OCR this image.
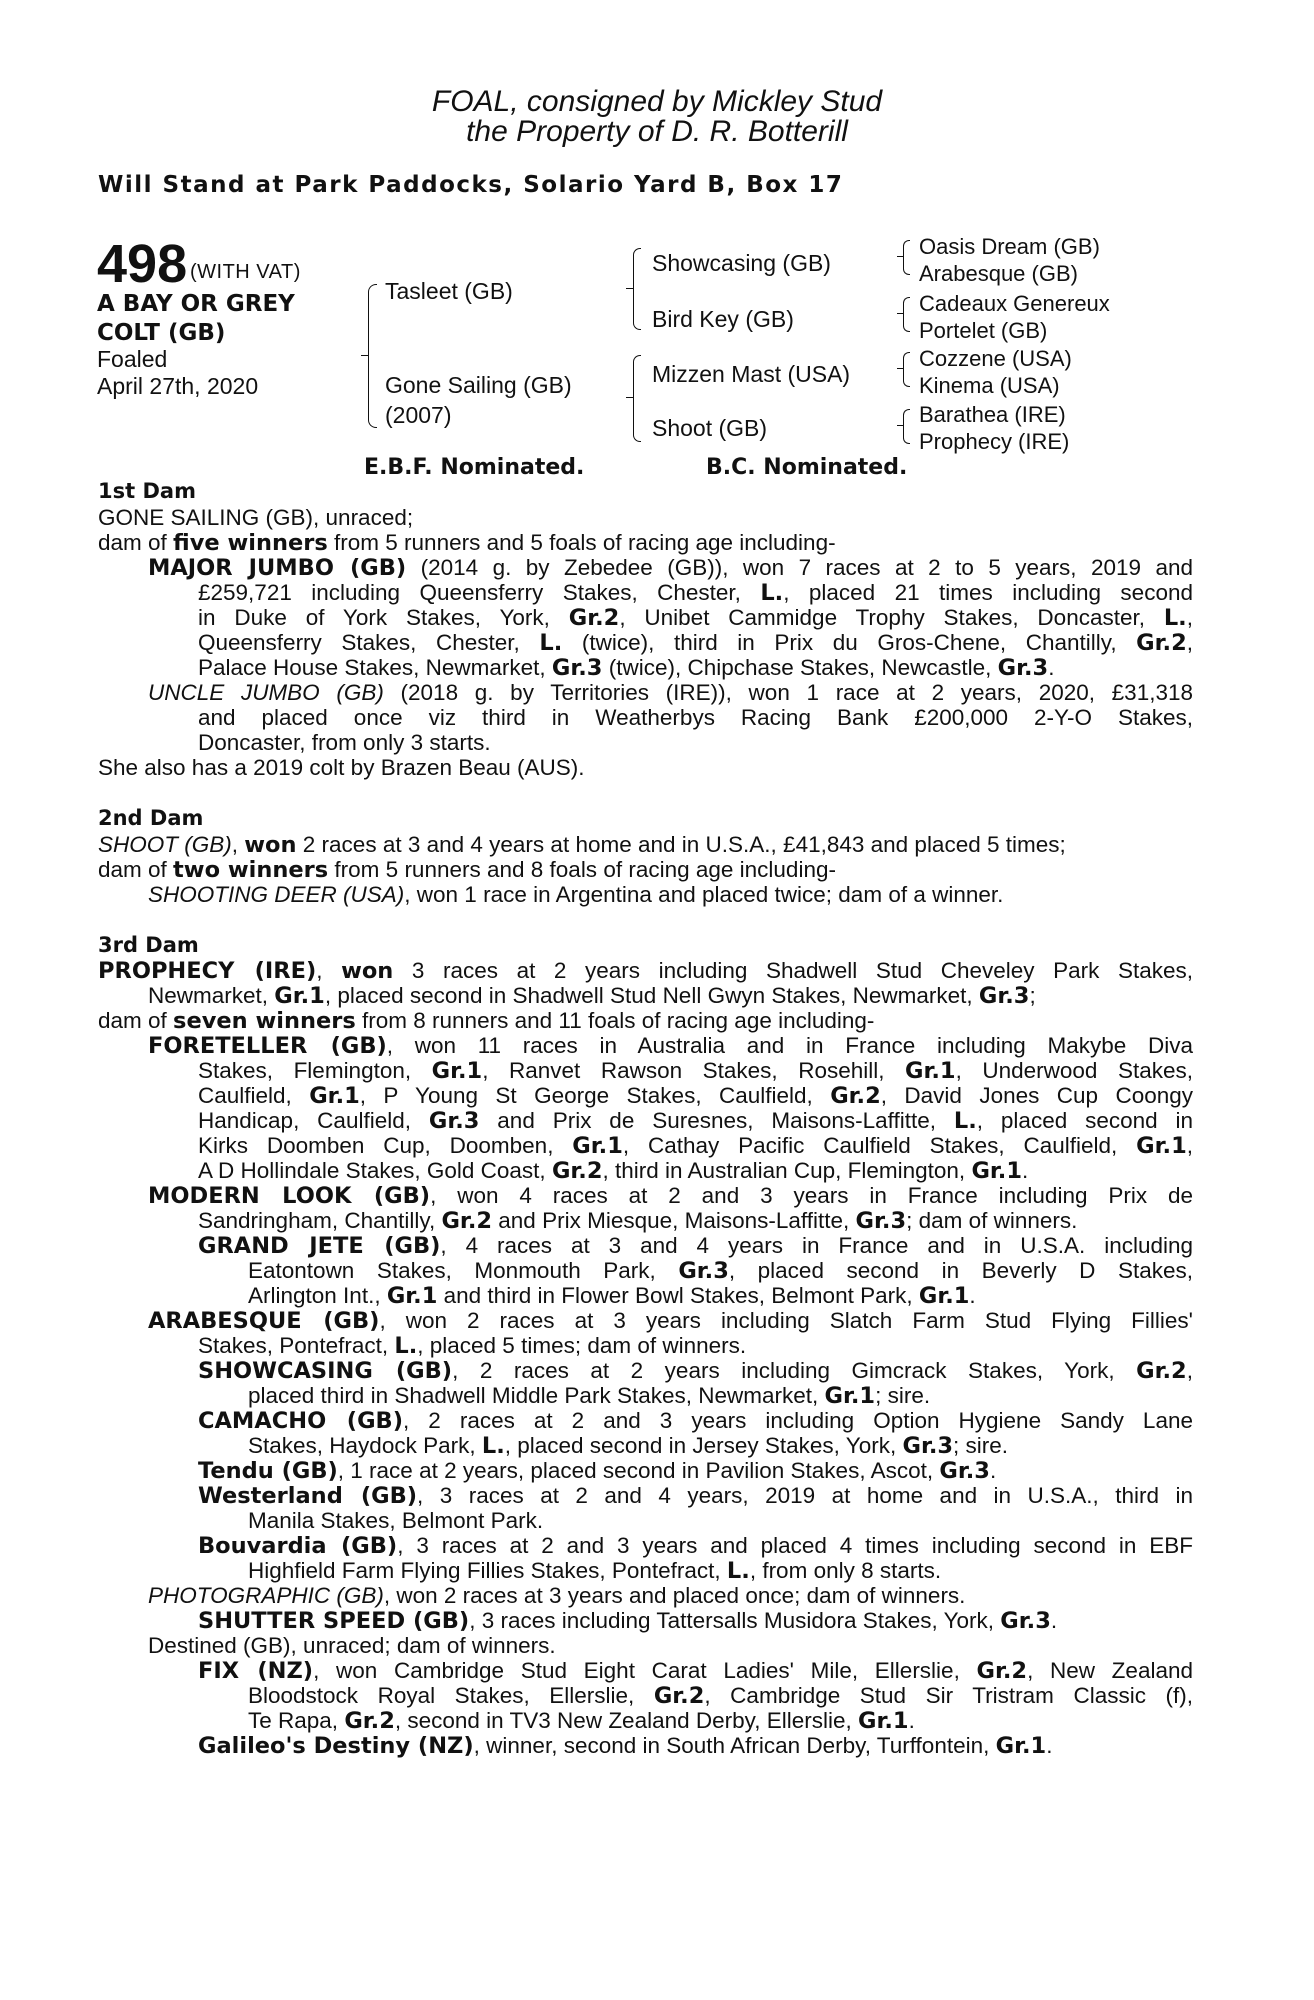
FOAL, consigned by Mickley Stud
the Property of D. R. Botterill
Will Stand at Park Paddocks, Solario Yard B, Box 17
498 (WITH VAT)
A BAY OR GREY
COLT (GB)
Foaled
April 27th, 2020
Tasleet (GB)
Gone Sailing (GB)
(2007)
Showcasing (GB)
Bird Key (GB)
Mizzen Mast (USA)
Shoot (GB)
Oasis Dream (GB)
Arabesque (GB)
Cadeaux Genereux
Portelet (GB)
Cozzene (USA)
Kinema (USA)
Barathea (IRE)
Prophecy (IRE)
E.B.F. Nominated.	B.C. Nominated.
1st Dam
GONE SAILING (GB), unraced;
dam of five winners from 5 runners and 5 foals of racing age including-
MAJOR JUMBO (GB) (2014 g. by Zebedee (GB)), won 7 races at 2 to 5 years, 2019 and
£259,721 including Queensferry Stakes, Chester, L., placed 21 times including second
in Duke of York Stakes, York, Gr.2, Unibet Cammidge Trophy Stakes, Doncaster, L.,
Queensferry Stakes, Chester, L. (twice), third in Prix du Gros-Chene, Chantilly, Gr.2,
Palace House Stakes, Newmarket, Gr.3 (twice), Chipchase Stakes, Newcastle, Gr.3.
UNCLE JUMBO (GB) (2018 g. by Territories (IRE)), won 1 race at 2 years, 2020, £31,318
and placed once viz third in Weatherbys Racing Bank £200,000 2-Y-O Stakes,
Doncaster, from only 3 starts.
She also has a 2019 colt by Brazen Beau (AUS).
2nd Dam
SHOOT (GB), won 2 races at 3 and 4 years at home and in U.S.A., £41,843 and placed 5 times;
dam of two winners from 5 runners and 8 foals of racing age including-
SHOOTING DEER (USA), won 1 race in Argentina and placed twice; dam of a winner.
3rd Dam
PROPHECY (IRE), won 3 races at 2 years including Shadwell Stud Cheveley Park Stakes,
Newmarket, Gr.1, placed second in Shadwell Stud Nell Gwyn Stakes, Newmarket, Gr.3;
dam of seven winners from 8 runners and 11 foals of racing age including-
FORETELLER (GB), won 11 races in Australia and in France including Makybe Diva
Stakes, Flemington, Gr.1, Ranvet Rawson Stakes, Rosehill, Gr.1, Underwood Stakes,
Caulfield, Gr.1, P Young St George Stakes, Caulfield, Gr.2, David Jones Cup Coongy
Handicap, Caulfield, Gr.3 and Prix de Suresnes, Maisons-Laffitte, L., placed second in
Kirks Doomben Cup, Doomben, Gr.1, Cathay Pacific Caulfield Stakes, Caulfield, Gr.1,
A D Hollindale Stakes, Gold Coast, Gr.2, third in Australian Cup, Flemington, Gr.1.
MODERN LOOK (GB), won 4 races at 2 and 3 years in France including Prix de
Sandringham, Chantilly, Gr.2 and Prix Miesque, Maisons-Laffitte, Gr.3; dam of winners.
GRAND JETE (GB), 4 races at 3 and 4 years in France and in U.S.A. including
Eatontown Stakes, Monmouth Park, Gr.3, placed second in Beverly D Stakes,
Arlington Int., Gr.1 and third in Flower Bowl Stakes, Belmont Park, Gr.1.
ARABESQUE (GB), won 2 races at 3 years including Slatch Farm Stud Flying Fillies'
Stakes, Pontefract, L., placed 5 times; dam of winners.
SHOWCASING (GB), 2 races at 2 years including Gimcrack Stakes, York, Gr.2,
placed third in Shadwell Middle Park Stakes, Newmarket, Gr.1; sire.
CAMACHO (GB), 2 races at 2 and 3 years including Option Hygiene Sandy Lane
Stakes, Haydock Park, L., placed second in Jersey Stakes, York, Gr.3; sire.
Tendu (GB), 1 race at 2 years, placed second in Pavilion Stakes, Ascot, Gr.3.
Westerland (GB), 3 races at 2 and 4 years, 2019 at home and in U.S.A., third in
Manila Stakes, Belmont Park.
Bouvardia (GB), 3 races at 2 and 3 years and placed 4 times including second in EBF
Highfield Farm Flying Fillies Stakes, Pontefract, L., from only 8 starts.
PHOTOGRAPHIC (GB), won 2 races at 3 years and placed once; dam of winners.
SHUTTER SPEED (GB), 3 races including Tattersalls Musidora Stakes, York, Gr.3.
Destined (GB), unraced; dam of winners.
FIX (NZ), won Cambridge Stud Eight Carat Ladies' Mile, Ellerslie, Gr.2, New Zealand
Bloodstock Royal Stakes, Ellerslie, Gr.2, Cambridge Stud Sir Tristram Classic (f),
Te Rapa, Gr.2, second in TV3 New Zealand Derby, Ellerslie, Gr.1.
Galileo's Destiny (NZ), winner, second in South African Derby, Turffontein, Gr.1.
